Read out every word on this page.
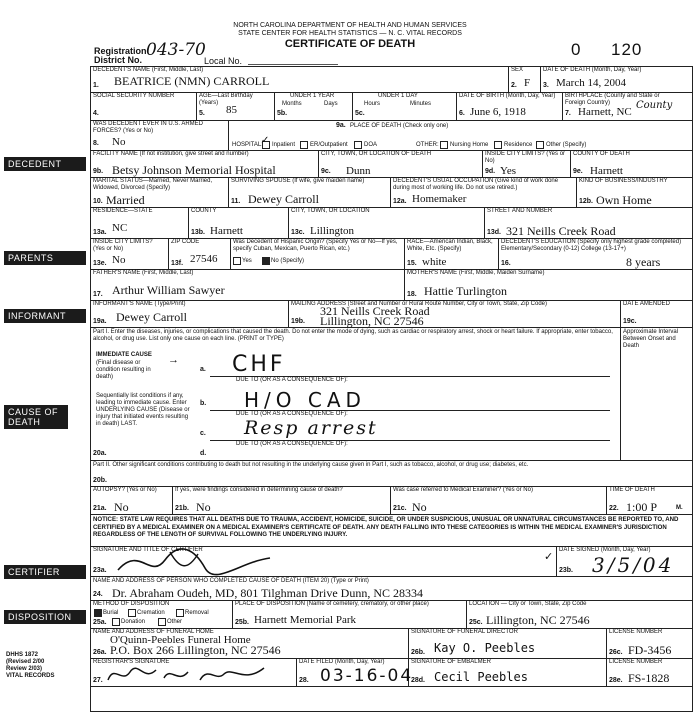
NORTH CAROLINA DEPARTMENT OF HEALTH AND HUMAN SERVICES
STATE CENTER FOR HEALTH STATISTICS — N. C. VITAL RECORDS
CERTIFICATE OF DEATH
Registration
District No. 043-70
Local No.
0 120
DECEDENT
PARENTS
INFORMANT
CAUSE OF DEATH
CERTIFIER
DISPOSITION
DHHS 1872
(Revised 2/00
Review 2/03)
VITAL RECORDS
DECEDENT'S NAME (First, Middle, Last)
1. BEATRICE (NMN) CARROLL
SEX
2. F
DATE OF DEATH (Month, Day, Year)
3. March 14, 2004
SOCIAL SECURITY NUMBER
4.
AGE—Last Birthday (Years)
5. 85
UNDER 1 YEAR
Months	Days
5b.
UNDER 1 DAY
Hours	Minutes
5c.
DATE OF BIRTH (Month, Day, Year)
6. June 6, 1918
BIRTHPLACE (County and State or Foreign Country)
7. Harnett, NC
County
WAS DECEDENT EVER IN U.S. ARMED FORCES? (Yes or No)
8. No
9a. PLACE OF DEATH (Check only one)
HOSPITAL:
✓ Inpatient ER/Outpatient	DOA	OTHER: Nursing Home	Residence Other (Specify)
FACILITY NAME (If not institution, give street and number)
9b. Betsy Johnson Memorial Hospital
CITY, TOWN, OR LOCATION OF DEATH
9c. Dunn
INSIDE CITY LIMITS? (Yes or No)
9d. Yes
COUNTY OF DEATH
9e. Harnett
MARITAL STATUS—Married, Never Married, Widowed, Divorced (Specify)
10. Married
SURVIVING SPOUSE (If wife, give maiden name)
11. Dewey Carroll
DECEDENT'S USUAL OCCUPATION (Give kind of work done during most of working life. Do not use retired.)
12a. Homemaker
KIND OF BUSINESS/INDUSTRY
12b. Own Home
RESIDENCE—STATE
13a. NC
COUNTY
13b. Harnett
CITY, TOWN, OR LOCATION
13c. Lillington
STREET AND NUMBER
13d. 321 Neills Creek Road
INSIDE CITY LIMITS? (Yes or No)
13e. No
ZIP CODE
13f. 27546
Was Decedent of Hispanic Origin? (Specify Yes or No—If yes, specify Cuban, Mexican, Puerto Rican, etc.)
Yes	No (Specify)
RACE—American Indian, Black, White, Etc. (Specify)
15. white
DECEDENT'S EDUCATION (Specify only highest grade completed) Elementary/Secondary (0-12) College (13-17+)
16.	8 years
FATHER'S NAME (First, Middle, Last)
17. Arthur William Sawyer
MOTHER'S NAME (First, Middle, Maiden Surname)
18. Hattie Turlington
INFORMANT'S NAME (Type/Print)
19a. Dewey Carroll
MAILING ADDRESS (Street and Number or Rural Route Number, City or Town, State, Zip Code)
19b.
321 Neills Creek Road
Lillington, NC 27546
DATE AMENDED
19c.
Part I. Enter the diseases, injuries, or complications that caused the death. Do not enter the mode of dying, such as cardiac or respiratory arrest, shock or heart failure. If appropriate, enter tobacco, alcohol, or drug use. List only one cause on each line. (PRINT or TYPE)
Approximate Interval Between Onset and Death
IMMEDIATE CAUSE
(Final disease or condition resulting in death)
→
a. CHF
DUE TO (OR AS A CONSEQUENCE OF):
Sequentially list conditions if any, leading to immediate cause. Enter UNDERLYING CAUSE (Disease or injury that initiated events resulting in death) LAST.
b. H/O CAD
DUE TO (OR AS A CONSEQUENCE OF):
c. Resp arrest
DUE TO (OR AS A CONSEQUENCE OF):
d.
20a.
Part II. Other significant conditions contributing to death but not resulting in the underlying cause given in Part I, such as tobacco, alcohol, or drug use; diabetes, etc.
20b.
AUTOPSY? (Yes or No)
21a. No
If yes, were findings considered in determining cause of death?
21b. No
Was case referred to Medical Examiner? (Yes or No)
21c. No
TIME OF DEATH
22. 1:00 P	M.
NOTICE: STATE LAW REQUIRES THAT ALL DEATHS DUE TO TRAUMA, ACCIDENT, HOMICIDE, SUICIDE, OR UNDER SUSPICIOUS, UNUSUAL OR UNNATURAL CIRCUMSTANCES BE REPORTED TO, AND CERTIFIED BY A MEDICAL EXAMINER ON A MEDICAL EXAMINER'S CERTIFICATE OF DEATH. ANY DEATH FALLING INTO THESE CATEGORIES IS WITHIN THE MEDICAL EXAMINER'S JURISDICTION REGARDLESS OF THE LENGTH OF SURVIVAL FOLLOWING THE UNDERLYING INJURY.
SIGNATURE AND TITLE OF CERTIFIER
23a.
✓
DATE SIGNED (Month, Day, Year)
23b. 3/5/04
NAME AND ADDRESS OF PERSON WHO COMPLETED CAUSE OF DEATH (ITEM 20) (Type or Print)
24. Dr. Abraham Oudeh, MD, 801 Tilghman Drive Dunn, NC 28334
METHOD OF DISPOSITION
Burial	Cremation	Removal
25a. Donation	Other
PLACE OF DISPOSITION (Name of cemetery, crematory, or other place)
25b. Harnett Memorial Park
LOCATION — City or Town, State, Zip Code
25c. Lillington, NC 27546
NAME AND ADDRESS OF FUNERAL HOME
26a.
O'Quinn-Peebles Funeral Home
P.O. Box 266 Lillington, NC 27546
SIGNATURE OF FUNERAL DIRECTOR
26b. Kay O. Peebles
LICENSE NUMBER
26c. FD-3456
REGISTRAR'S SIGNATURE
27.
DATE FILED (Month, Day, Year)
28. 03-16-04
SIGNATURE OF EMBALMER
28d. Cecil Peebles
LICENSE NUMBER
28e. FS-1828
